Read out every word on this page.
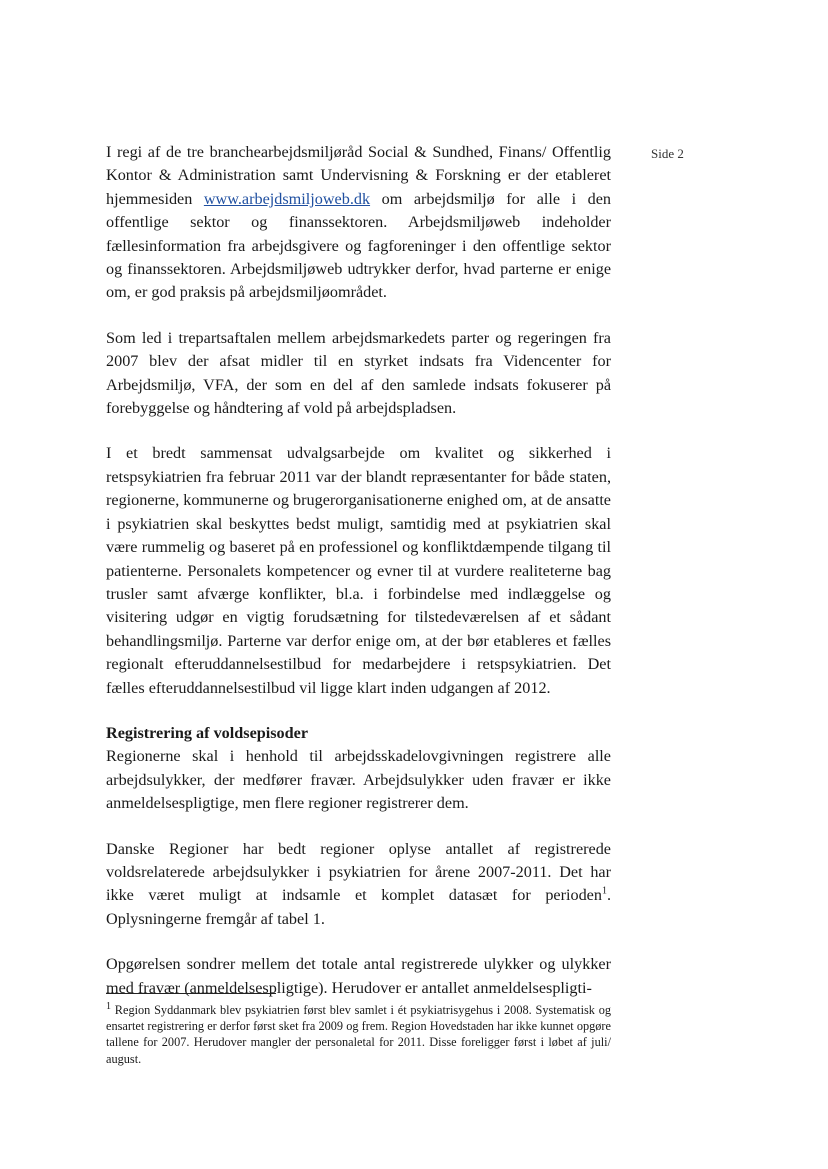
Side 2

I regi af de tre branchearbejdsmiljøråd Social & Sundhed, Finans/ Offentlig Kontor & Administration samt Undervisning & Forskning er der etableret hjemmesiden www.arbejdsmiljoweb.dk om arbejdsmiljø for alle i den offentlige sektor og finanssektoren. Arbejdsmiljøweb indeholder fællesinformation fra arbejdsgivere og fagforeninger i den offentlige sektor og finanssektoren. Arbejdsmiljøweb udtrykker derfor, hvad parterne er enige om, er god praksis på arbejdsmiljøområdet.

Som led i trepartsaftalen mellem arbejdsmarkedets parter og regeringen fra 2007 blev der afsat midler til en styrket indsats fra Videncenter for Arbejdsmiljø, VFA, der som en del af den samlede indsats fokuserer på forebyggelse og håndtering af vold på arbejdspladsen.

I et bredt sammensat udvalgsarbejde om kvalitet og sikkerhed i retspsykiatrien fra februar 2011 var der blandt repræsentanter for både staten, regionerne, kommunerne og brugerorganisationerne enighed om, at de ansatte i psykiatrien skal beskyttes bedst muligt, samtidig med at psykiatrien skal være rummelig og baseret på en professionel og konfliktdæmpende tilgang til patienterne. Personalets kompetencer og evner til at vurdere realiteterne bag trusler samt afværge konflikter, bl.a. i forbindelse med indlæggelse og visitering udgør en vigtig forudsætning for tilstedeværelsen af et sådant behandlingsmiljø. Parterne var derfor enige om, at der bør etableres et fælles regionalt efteruddannelsestilbud for medarbejdere i retspsykiatrien. Det fælles efteruddannelsestilbud vil ligge klart inden udgangen af 2012.

Registrering af voldsepisoder

Regionerne skal i henhold til arbejdsskadelovgivningen registrere alle arbejdsulykker, der medfører fravær. Arbejdsulykker uden fravær er ikke anmeldelsespligtige, men flere regioner registrerer dem.

Danske Regioner har bedt regioner oplyse antallet af registrerede voldsrelaterede arbejdsulykker i psykiatrien for årene 2007-2011. Det har ikke været muligt at indsamle et komplet datasæt for perioden$^1$. Oplysningerne fremgår af tabel 1.

Opgørelsen sondrer mellem det totale antal registrerede ulykker og ulykker med fravær (anmeldelsespligtige). Herudover er antallet anmeldelsespligti-

$^1$ Region Syddanmark blev psykiatrien først blev samlet i ét psykiatrisygehus i 2008. Systematisk og ensartet registrering er derfor først sket fra 2009 og frem. Region Hovedstaden har ikke kunnet opgøre tallene for 2007. Herudover mangler der personaletal for 2011. Disse foreligger først i løbet af juli/ august.
